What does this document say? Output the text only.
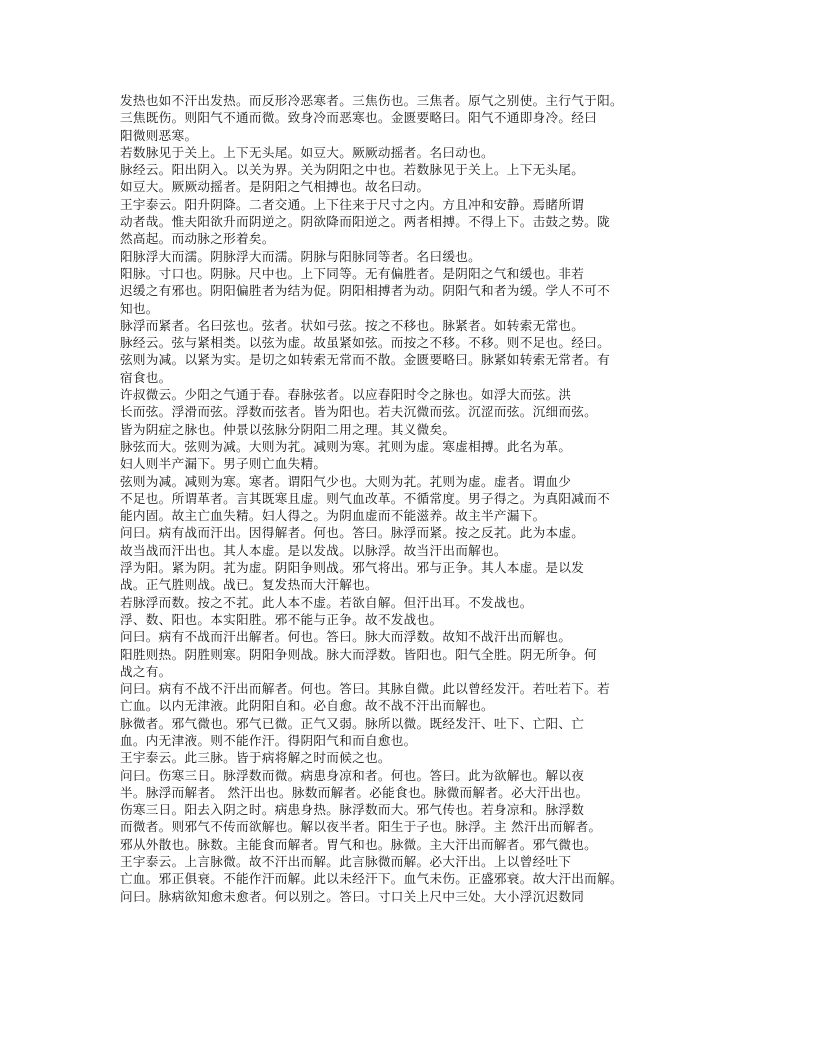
发热也如不汗出发热。而反形冷恶寒者。三焦伤也。三焦者。原气之别使。主行气于阳。
三焦既伤。则阳气不通而微。致身冷而恶寒也。金匮要略曰。阳气不通即身冷。经曰
阳微则恶寒。
若数脉见于关上。上下无头尾。如豆大。厥厥动摇者。名曰动也。
脉经云。阳出阴入。以关为界。关为阴阳之中也。若数脉见于关上。上下无头尾。
如豆大。厥厥动摇者。是阴阳之气相搏也。故名曰动。
王宇泰云。阳升阴降。二者交通。上下往来于尺寸之内。方且冲和安静。焉睹所谓
动者哉。惟夫阳欲升而阴逆之。阴欲降而阳逆之。两者相搏。不得上下。击鼓之势。陇
然高起。而动脉之形着矣。
阳脉浮大而濡。阴脉浮大而濡。阴脉与阳脉同等者。名曰缓也。
阳脉。寸口也。阴脉。尺中也。上下同等。无有偏胜者。是阴阳之气和缓也。非若
迟缓之有邪也。阴阳偏胜者为结为促。阴阳相搏者为动。阴阳气和者为缓。学人不可不
知也。
脉浮而紧者。名曰弦也。弦者。状如弓弦。按之不移也。脉紧者。如转索无常也。
脉经云。弦与紧相类。以弦为虚。故虽紧如弦。而按之不移。不移。则不足也。经曰。
弦则为减。以紧为实。是切之如转索无常而不散。金匮要略曰。脉紧如转索无常者。有
宿食也。
许叔微云。少阳之气通于春。春脉弦者。以应春阳时令之脉也。如浮大而弦。洪
长而弦。浮滑而弦。浮数而弦者。皆为阳也。若夫沉微而弦。沉涩而弦。沉细而弦。
皆为阴症之脉也。仲景以弦脉分阴阳二用之理。其义微矣。
脉弦而大。弦则为减。大则为芤。减则为寒。芤则为虚。寒虚相搏。此名为革。
妇人则半产漏下。男子则亡血失精。
弦则为减。减则为寒。寒者。谓阳气少也。大则为芤。芤则为虚。虚者。谓血少
不足也。所谓革者。言其既寒且虚。则气血改革。不循常度。男子得之。为真阳减而不
能内固。故主亡血失精。妇人得之。为阴血虚而不能滋养。故主半产漏下。
问曰。病有战而汗出。因得解者。何也。答曰。脉浮而紧。按之反芤。此为本虚。
故当战而汗出也。其人本虚。是以发战。以脉浮。故当汗出而解也。
浮为阳。紧为阴。芤为虚。阴阳争则战。邪气将出。邪与正争。其人本虚。是以发
战。正气胜则战。战已。复发热而大汗解也。
若脉浮而数。按之不芤。此人本不虚。若欲自解。但汗出耳。不发战也。
浮、数、阳也。本实阳胜。邪不能与正争。故不发战也。
问曰。病有不战而汗出解者。何也。答曰。脉大而浮数。故知不战汗出而解也。
阳胜则热。阴胜则寒。阴阳争则战。脉大而浮数。皆阳也。阳气全胜。阴无所争。何
战之有。
问曰。病有不战不汗出而解者。何也。答曰。其脉自微。此以曾经发汗。若吐若下。若
亡血。以内无津液。此阴阳自和。必自愈。故不战不汗出而解也。
脉微者。邪气微也。邪气已微。正气又弱。脉所以微。既经发汗、吐下、亡阳、亡
血。内无津液。则不能作汗。得阴阳气和而自愈也。
王宇泰云。此三脉。皆于病将解之时而候之也。
问曰。伤寒三日。脉浮数而微。病患身凉和者。何也。答曰。此为欲解也。解以夜
半。脉浮而解者。 然汗出也。脉数而解者。必能食也。脉微而解者。必大汗出也。
伤寒三日。阳去入阴之时。病患身热。脉浮数而大。邪气传也。若身凉和。脉浮数
而微者。则邪气不传而欲解也。解以夜半者。阳生于子也。脉浮。主 然汗出而解者。
邪从外散也。脉数。主能食而解者。胃气和也。脉微。主大汗出而解者。邪气微也。
王宇泰云。上言脉微。故不汗出而解。此言脉微而解。必大汗出。上以曾经吐下
亡血。邪正俱衰。不能作汗而解。此以未经汗下。血气未伤。正盛邪衰。故大汗出而解。
问曰。脉病欲知愈未愈者。何以别之。答曰。寸口关上尺中三处。大小浮沉迟数同
